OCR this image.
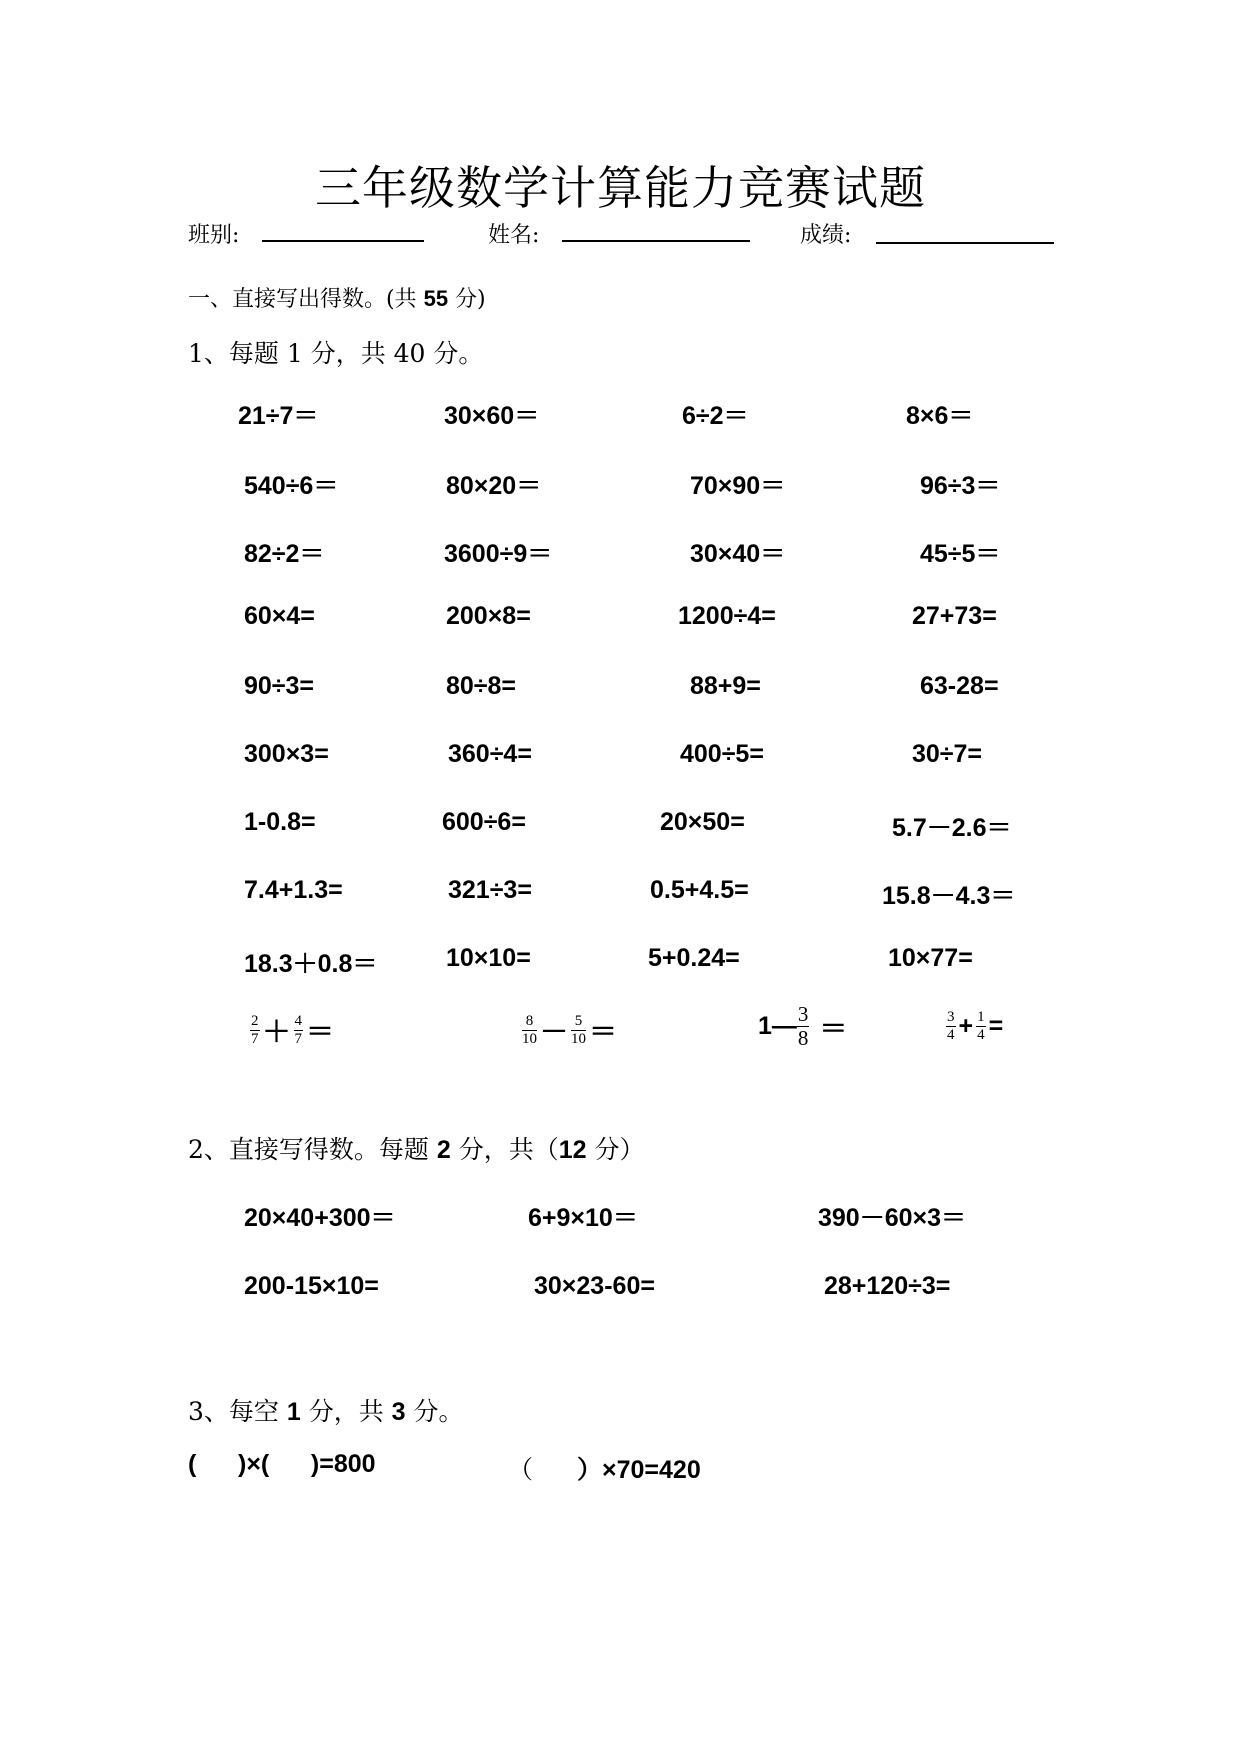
三年级数学计算能力竞赛试题
班别:	姓名:	成绩:
一、直接写出得数。(共 55 分)
1、每题 1 分，共 40 分。
21÷7＝	30×60＝	6÷2＝	8×6＝
540÷6＝	80×20＝	70×90＝	96÷3＝
82÷2＝	3600÷9＝	30×40＝	45÷5＝
60×4=	200×8=	1200÷4=	27+73=
90÷3=	80÷8=	88+9=	63-28=
300×3=	360÷4=	400÷5=	30÷7=
1-0.8=	600÷6=	20×50=	5.7－2.6＝
7.4+1.3=	321÷3=	0.5+4.5=	15.8－4.3＝
18.3＋0.8＝	10×10=	5+0.24=	10×77=
$\frac{2}{7} + \frac{4}{7}$ ＝	$\frac{8}{10} - \frac{5}{10}$ ＝	1— $\frac{3}{8}$ ＝	$\frac{3}{4} + \frac{1}{4}$ =
2、直接写得数。每题 2 分，共（12 分）
20×40+300＝	6+9×10＝	390－60×3＝
200-15×10=	30×23-60=	28+120÷3=
3、每空 1 分，共 3 分。
(      )×(      )=800	（ ）×70=420
